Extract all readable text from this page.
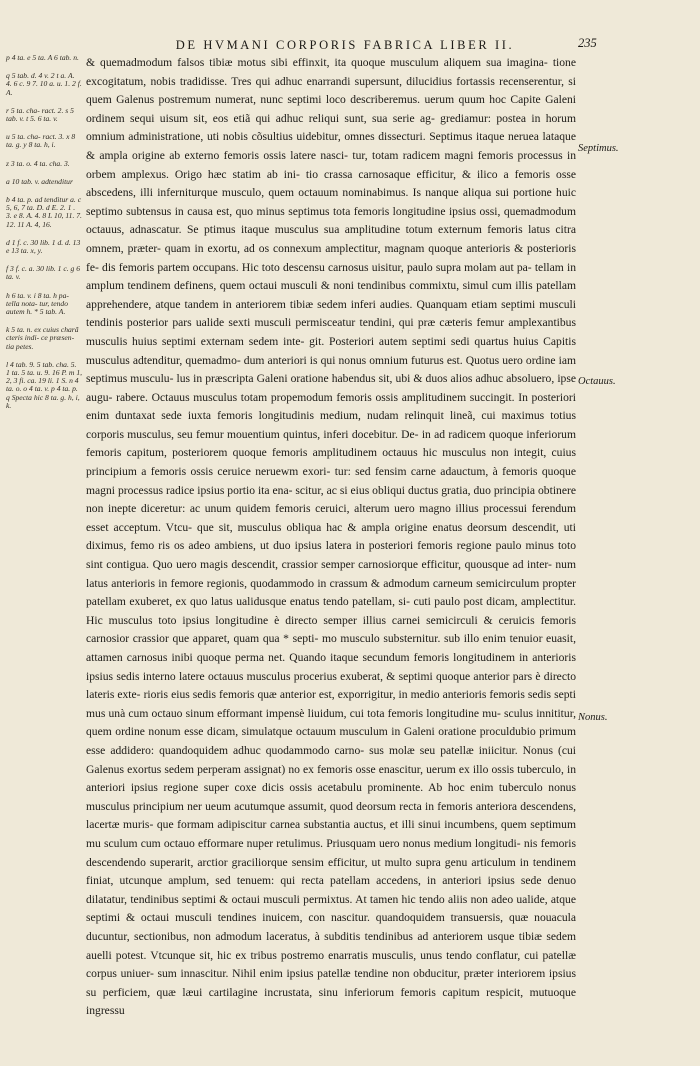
DE HVMANI CORPORIS FABRICA LIBER II.	235
p 4 ta. e 5 ta. A 6 tab. n.
q 5 tab. d. 4 v. 2 t a. A. 4. 6 c. 9 7. 10 a. u. 1. 2 f. A.
r 5 ta. cha- ract. 2. s 5 tab. v. t 5. 6 ta. v.
u 5 ta. cha- ract. 3. x 8 ta. g. y 8 ta. h, i.
z 3 ta. o. 4 ta. cha. 3.
a 10 tab. v. adtenditur
b 4 ta. p. ad tenditur a. c 5, 6, 7 ta. D. d E. 2. 1 . 3. e 8. A. 4. 8 L 10, 11. 7. 12. 11 A. 4, 16.
d 1 f. c. 30 lib. 1 d. d. 13 e 13 ta. x, y.
f 3 f. c. a. 30 lib. 1 c. g 6 ta. v.
h 6 ta. v. i 8 ta. h pa- tella nota- tur, tendo autem h. * 5 tab. A.
k 5 ta. n. ex cuius charã cteris indi- ce præsen- tia petes.
l 4 tab. 9. 5 tab. cha. 5. 1 ta. 5 ta. u. 9. 16 P. m 1, 2, 3 fi. ca. 19 li. 1 S. n 4 ta. o. o 4 ta. v. p 4 ta. p. q Specta hic 8 ta. g. h, i, k.

& quemadmodum falsos tibiæ motus sibi effinxit, ita quoque musculum aliquem sua imagina- tione excogitatum, nobis tradidisse. Tres qui adhuc enarrandi supersunt, dilucidius fortassis recenserentur, si quem Galenus postremum numerat, nunc septimi loco describeremus. uerum quum hoc Capite Galeni ordinem sequi uisum sit, eos etiã qui adhuc reliqui sunt, sua serie ag- grediamur: postea in horum omnium administratione, uti nobis cõsultius uidebitur, omnes dissecturi. Septimus itaque neruea lataque & ampla origine ab externo femoris ossis latere nasci- tur, totam radicem magni femoris processus in orbem amplexus. Origo hæc statim ab ini- tio crassa carnosaque efficitur, & ilico a femoris osse abscedens, illi inferniturque musculo, quem octauum nominabimus. Is nanque aliqua sui portione huic septimo subtensus in causa est, quo minus septimus tota femoris longitudine ipsius ossi, quemadmodum octauus, adnascatur. Se ptimus itaque musculus sua amplitudine totum externum femoris latus citra omnem, præter- quam in exortu, ad os connexum amplectitur, magnam quoque anterioris & posterioris fe- dis femoris partem occupans. Hic toto descensu carnosus uisitur, paulo supra molam aut pa- tellam in amplum tendinem definens, quem octaui musculi & noni tendinibus commixtu, simul cum illis patellam apprehendere, atque tandem in anteriorem tibiæ sedem inferi audies. Quanquam etiam septimi musculi tendinis posterior pars ualide sexti musculi permisceatur tendini, qui præ cæteris femur amplexantibus musculis huius septimi externam sedem inte- git. Posteriori autem septimi sedi quartus huius Capitis musculus adtenditur, quemadmo- dum anteriori is qui nonus omnium futurus est. Quotus uero ordine iam septimus musculu- lus in præscripta Galeni oratione habendus sit, ubi & duos alios adhuc absoluero, ipse augu- rabere. Octauus musculus totam propemodum femoris ossis amplitudinem succingit. In posteriori enim duntaxat sede iuxta femoris longitudinis medium, nudam relinquit lineã, cui maximus totius corporis musculus, seu femur mouentium quintus, inferi docebitur. De- in ad radicem quoque inferiorum femoris capitum, posteriorem quoque femoris amplitudinem octauus hic musculus non integit, cuius principium a femoris ossis ceruice neruewm exori- tur: sed fensim carne adauctum, à femoris quoque magni processus radice ipsius portio ita ena- scitur, ac si eius obliqui ductus gratia, duo principia obtinere non inepte diceretur: ac unum quidem femoris ceruici, alterum uero magno illius processui ferendum esset acceptum. Vtcu- que sit, musculus obliqua hac & ampla origine enatus deorsum descendit, uti diximus, femo ris os adeo ambiens, ut duo ipsius latera in posteriori femoris regione paulo minus toto sint contigua. Quo uero magis descendit, crassior semper carnosiorque efficitur, quousque ad inter- num latus anterioris in femore regionis, quodammodo in crassum & admodum carneum semicirculum propter patellam exuberet, ex quo latus ualidusque enatus tendo patellam, si- cuti paulo post dicam, amplectitur. Hic musculus toto ipsius longitudine è directo semper illius carnei semicirculi & ceruicis femoris carnosior crassior que apparet, quam qua * septi- mo musculo substernitur. sub illo enim tenuior euasit, attamen carnosus inibi quoque perma net. Quando itaque secundum femoris longitudinem in anterioris ipsius sedis interno latere octauus musculus procerius exuberat, & septimi quoque anterior pars è directo lateris exte- rioris eius sedis femoris quæ anterior est, exporrigitur, in medio anterioris femoris sedis septi mus unà cum octauo sinum efformant impensè liuidum, cui tota femoris longitudine mu- sculus innititur, quem ordine nonum esse dicam, simulatque octauum musculum in Galeni oratione proculdubio primum esse addidero: quandoquidem adhuc quodammodo carno- sus molæ seu patellæ iniicitur. Nonus (cui Galenus exortus sedem perperam assignat) no ex femoris osse enascitur, uerum ex illo ossis tuberculo, in anteriori ipsius regione super coxe dicis ossis acetabulu prominente. Ab hoc enim tuberculo nonus musculus principium ner ueum acutumque assumit, quod deorsum recta in femoris anteriora descendens, lacertæ muris- que formam adipiscitur carnea substantia auctus, et illi sinui incumbens, quem septimum mu sculum cum octauo efformare nuper retulimus. Priusquam uero nonus medium longitudi- nis femoris descendendo superarit, arctior graciliorque sensim efficitur, ut multo supra genu articulum in tendinem finiat, utcunque amplum, sed tenuem: qui recta patellam accedens, in anteriori ipsius sede denuo dilatatur, tendinibus septimi & octaui musculi permixtus. At tamen hic tendo aliis non adeo ualide, atque septimi & octaui musculi tendines inuicem, con nascitur. quandoquidem transuersis, quæ nouacula ducuntur, sectionibus, non admodum laceratus, à subditis tendinibus ad anteriorem usque tibiæ sedem auelli potest. Vtcunque sit, hic ex tribus postremo enarratis musculis, unus tendo conflatur, cui patellæ corpus uniuer- sum innascitur. Nihil enim ipsius patellæ tendine non obducitur, præter interiorem ipsius su perficiem, quæ læui cartilagine incrustata, sinu inferiorum femoris capitum respicit, mutuoque ingressu

Septimus.
Octauus.
Nonus.
